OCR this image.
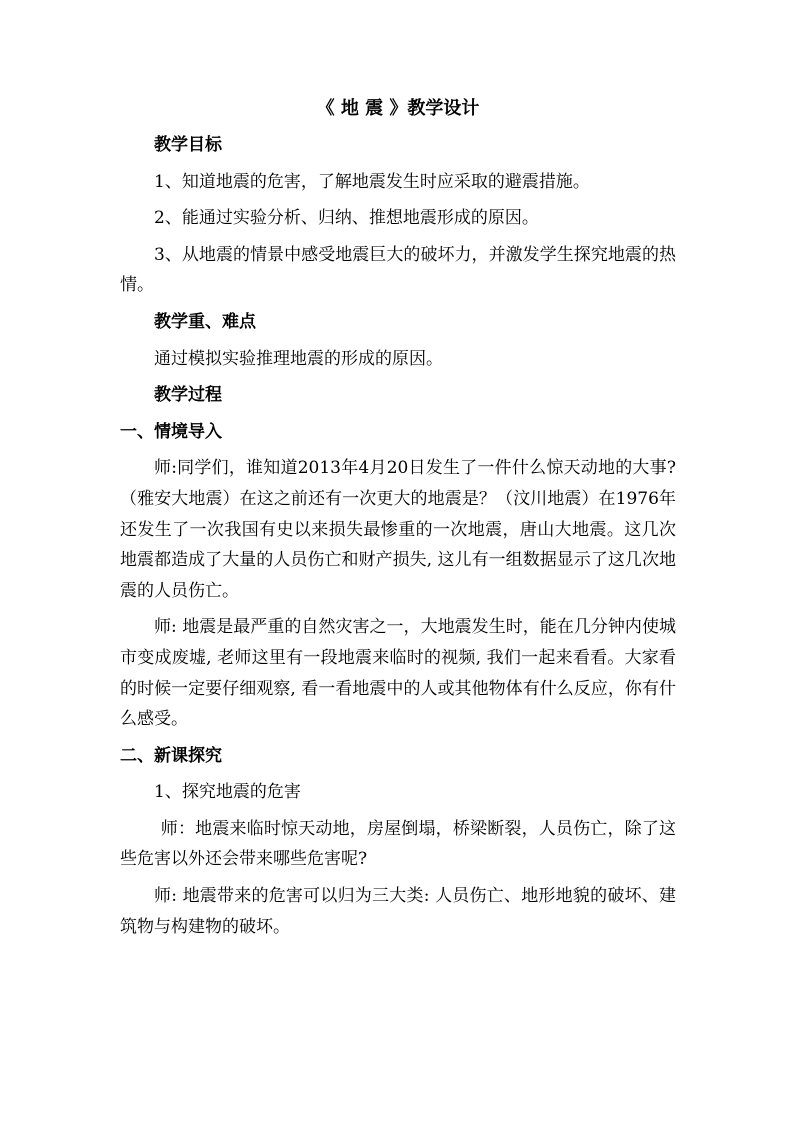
《 地 震 》教学设计
教学目标

1、知道地震的危害，了解地震发生时应采取的避震措施。

2、能通过实验分析、归纳、推想地震形成的原因。

3、从地震的情景中感受地震巨大的破坏力，并激发学生探究地震的热情。

教学重、难点

通过模拟实验推理地震的形成的原因。

教学过程
一、情境导入

师:同学们，谁知道2013年4月20日发生了一件什么惊天动地的大事?（雅安大地震）在这之前还有一次更大的地震是？（汶川地震）在1976年还发生了一次我国有史以来损失最惨重的一次地震，唐山大地震。这几次地震都造成了大量的人员伤亡和财产损失, 这儿有一组数据显示了这几次地震的人员伤亡。

师: 地震是最严重的自然灾害之一，大地震发生时，能在几分钟内使城市变成废墟, 老师这里有一段地震来临时的视频, 我们一起来看看。大家看的时候一定要仔细观察, 看一看地震中的人或其他物体有什么反应，你有什么感受。

二、新课探究

1、探究地震的危害

师：地震来临时惊天动地，房屋倒塌，桥梁断裂，人员伤亡，除了这些危害以外还会带来哪些危害呢?

师: 地震带来的危害可以归为三大类: 人员伤亡、地形地貌的破坏、建筑物与构建物的破坏。
